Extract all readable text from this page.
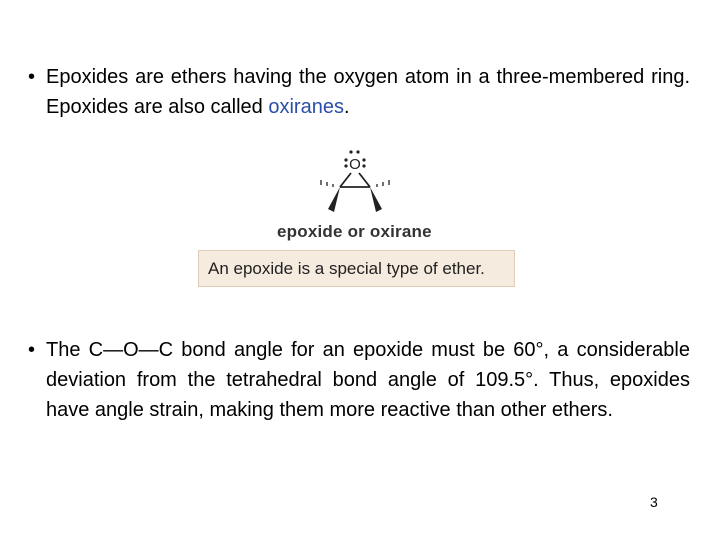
• Epoxides are ethers having the oxygen atom in a three-membered ring. Epoxides are also called oxiranes.
O
epoxide or oxirane
An epoxide is a special type of ether.
• The C—O—C bond angle for an epoxide must be 60°, a considerable deviation from the tetrahedral bond angle of 109.5°. Thus, epoxides have angle strain, making them more reactive than other ethers.
3
